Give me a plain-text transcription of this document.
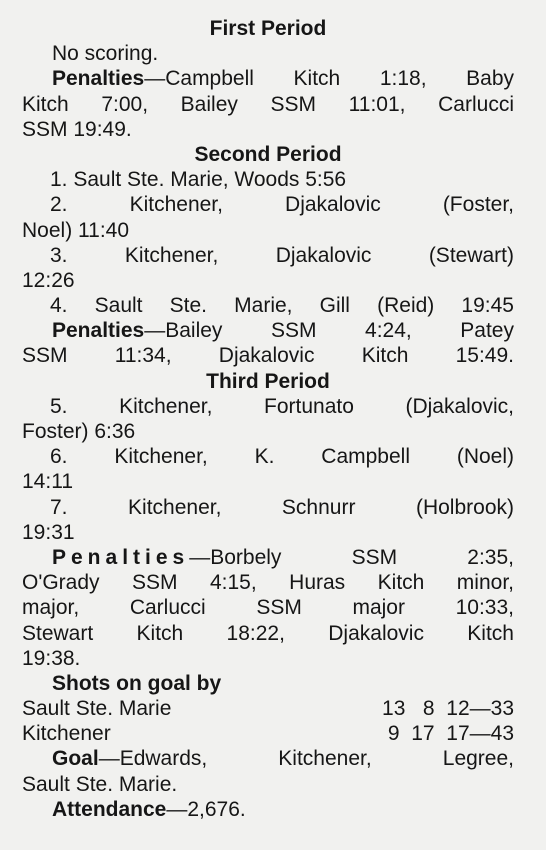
First Period
No scoring.
Penalties—Campbell Kitch 1:18, Baby
Kitch 7:00, Bailey SSM 11:01, Carlucci
SSM 19:49.
Second Period
1. Sault Ste. Marie, Woods 5:56
2. Kitchener, Djakalovic (Foster,
Noel) 11:40
3. Kitchener, Djakalovic (Stewart)
12:26
4. Sault Ste. Marie, Gill (Reid) 19:45
Penalties—Bailey SSM 4:24, Patey
SSM 11:34, Djakalovic Kitch 15:49.
Third Period
5. Kitchener, Fortunato (Djakalovic,
Foster) 6:36
6. Kitchener, K. Campbell (Noel)
14:11
7. Kitchener, Schnurr (Holbrook)
19:31
Penalties—Borbely SSM 2:35,
O'Grady SSM 4:15, Huras Kitch minor,
major, Carlucci SSM major 10:33,
Stewart Kitch 18:22, Djakalovic Kitch
19:38.
Shots on goal by
Sault Ste. Marie	13 8 12—33
Kitchener	9 17 17—43
Goal—Edwards, Kitchener, Legree,
Sault Ste. Marie.
Attendance—2,676.
